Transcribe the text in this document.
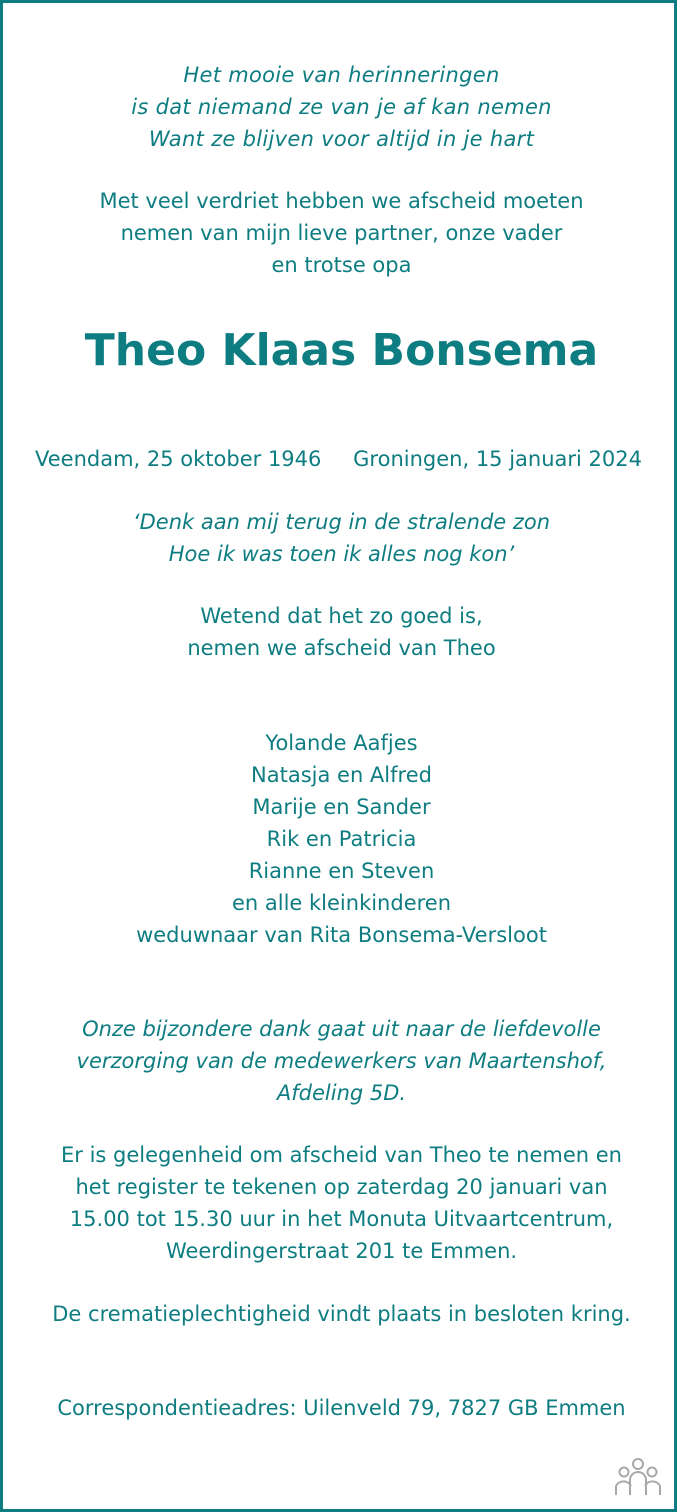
Het mooie van herinneringen
is dat niemand ze van je af kan nemen
Want ze blijven voor altijd in je hart
Met veel verdriet hebben we afscheid moeten
nemen van mijn lieve partner, onze vader
en trotse opa
Theo Klaas Bonsema
Veendam, 25 oktober 1946 Groningen, 15 januari 2024
‘Denk aan mij terug in de stralende zon
Hoe ik was toen ik alles nog kon’
Wetend dat het zo goed is,
nemen we afscheid van Theo
Yolande Aafjes
Natasja en Alfred
Marije en Sander
Rik en Patricia
Rianne en Steven
en alle kleinkinderen
weduwnaar van Rita Bonsema-Versloot
Onze bijzondere dank gaat uit naar de liefdevolle
verzorging van de medewerkers van Maartenshof,
Afdeling 5D.
Er is gelegenheid om afscheid van Theo te nemen en
het register te tekenen op zaterdag 20 januari van
15.00 tot 15.30 uur in het Monuta Uitvaartcentrum,
Weerdingerstraat 201 te Emmen.
De crematieplechtigheid vindt plaats in besloten kring.
Correspondentieadres: Uilenveld 79, 7827 GB Emmen
